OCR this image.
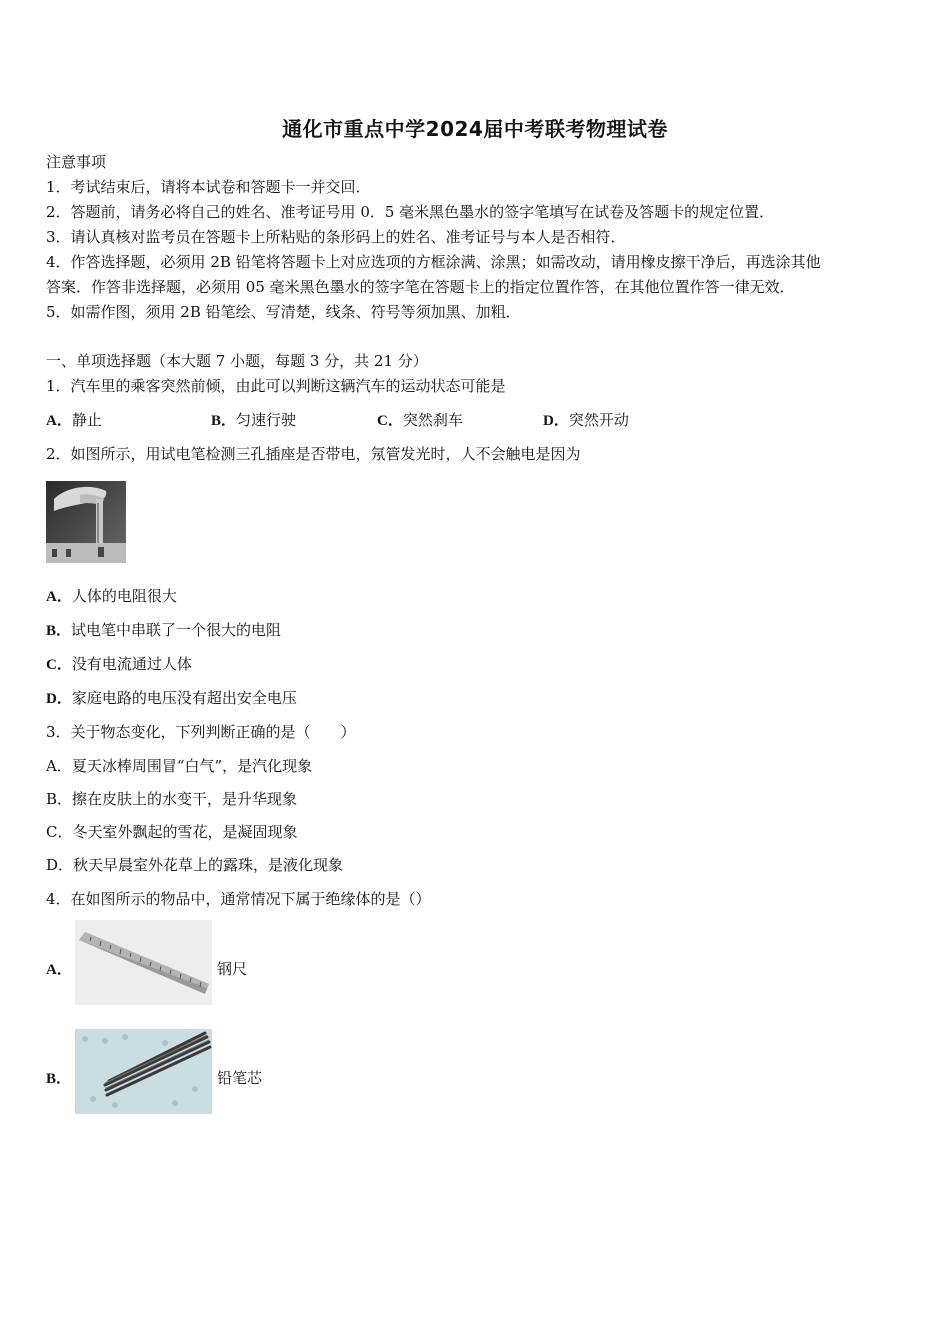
通化市重点中学2024届中考联考物理试卷
注意事项
1．考试结束后，请将本试卷和答题卡一并交回．
2．答题前，请务必将自己的姓名、准考证号用 0．5 毫米黑色墨水的签字笔填写在试卷及答题卡的规定位置．
3．请认真核对监考员在答题卡上所粘贴的条形码上的姓名、准考证号与本人是否相符．
4．作答选择题，必须用 2B 铅笔将答题卡上对应选项的方框涂满、涂黑；如需改动，请用橡皮擦干净后，再选涂其他
答案．作答非选择题，必须用 05 毫米黑色墨水的签字笔在答题卡上的指定位置作答，在其他位置作答一律无效．
5．如需作图，须用 2B 铅笔绘、写清楚，线条、符号等须加黑、加粗．
一、单项选择题（本大题 7 小题，每题 3 分，共 21 分）
1．汽车里的乘客突然前倾，由此可以判断这辆汽车的运动状态可能是
A．静止	B．匀速行驶	C．突然刹车	D．突然开动
2．如图所示，用试电笔检测三孔插座是否带电，氖管发光时，人不会触电是因为
A．人体的电阻很大
B．试电笔中串联了一个很大的电阻
C．没有电流通过人体
D．家庭电路的电压没有超出安全电压
3．关于物态变化，下列判断正确的是（　　）
A．夏天冰棒周围冒“白气”，是汽化现象
B．擦在皮肤上的水变干，是升华现象
C．冬天室外飘起的雪花，是凝固现象
D．秋天早晨室外花草上的露珠，是液化现象
4．在如图所示的物品中，通常情况下属于绝缘体的是（）
A．	钢尺
B．	铅笔芯
